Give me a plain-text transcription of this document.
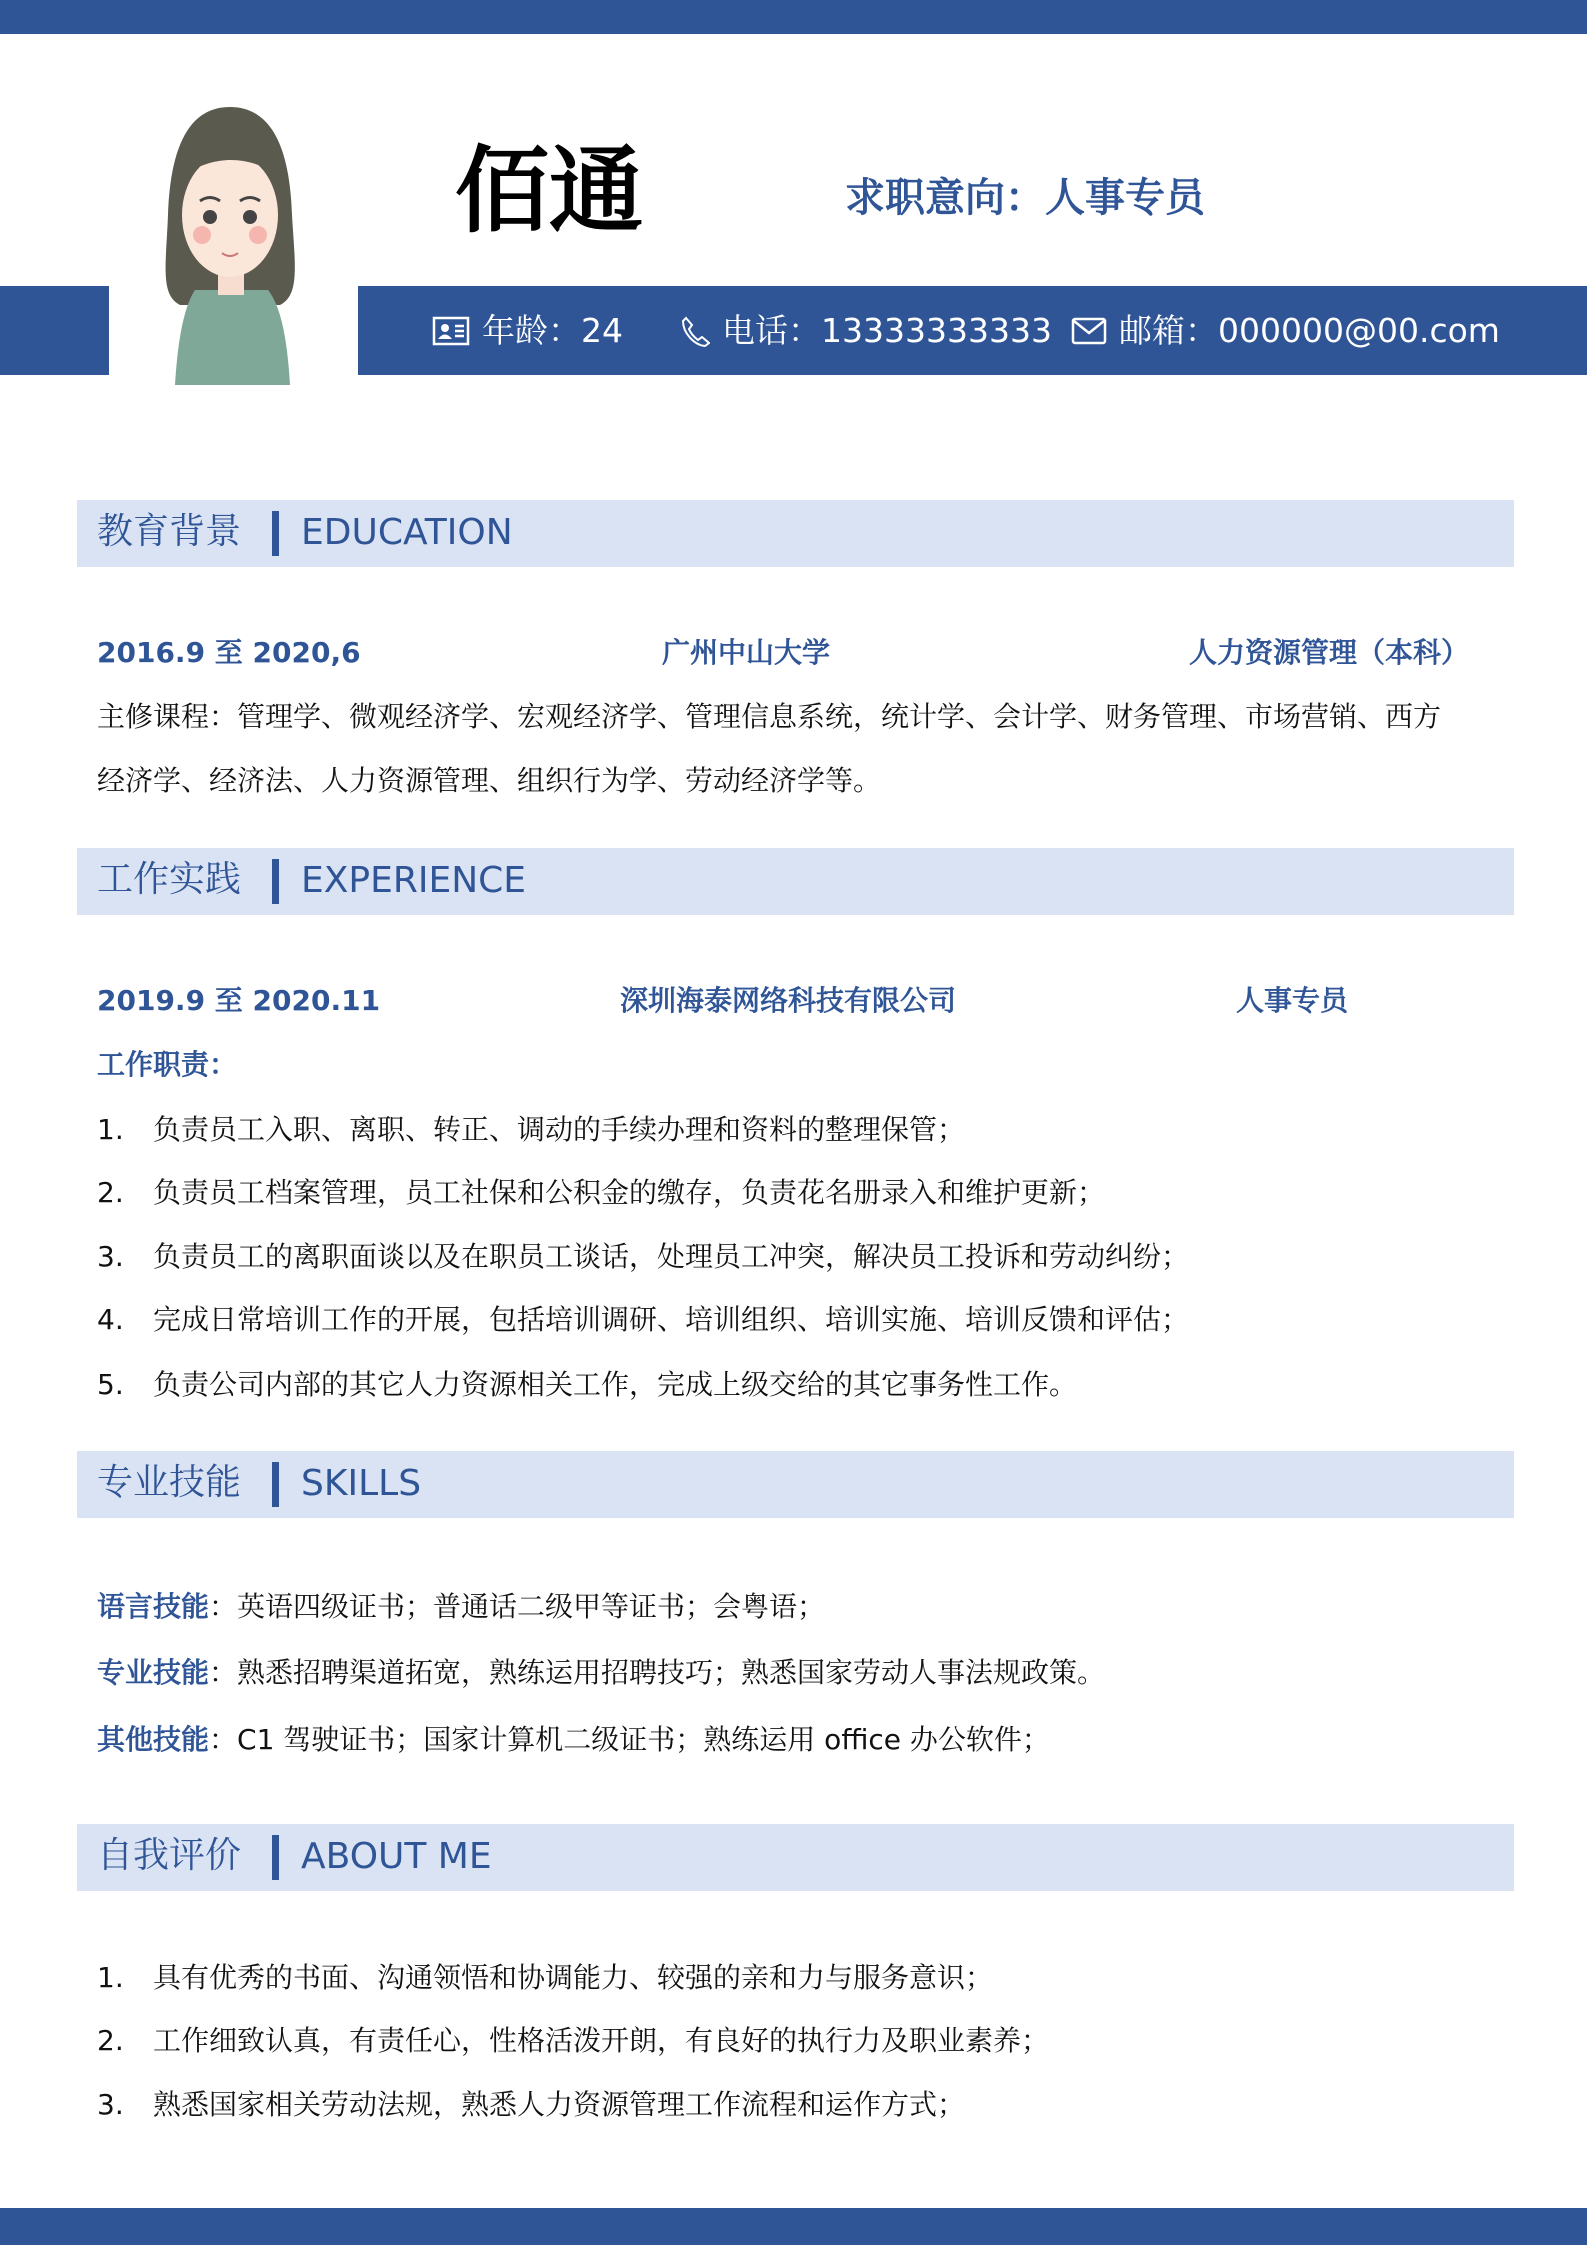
佰通	求职意向：人事专员
年龄：24	电话：13333333333 邮箱：000000@00.com
教育背景 EDUCATION
2016.9 至 2020,6	广州中山大学	人力资源管理（本科）
主修课程：管理学、微观经济学、宏观经济学、管理信息系统，统计学、会计学、财务管理、市场营销、西方
经济学、经济法、人力资源管理、组织行为学、劳动经济学等。
工作实践 EXPERIENCE
2019.9 至 2020.11	深圳海泰网络科技有限公司	人事专员
工作职责：
1. 负责员工入职、离职、转正、调动的手续办理和资料的整理保管；
2. 负责员工档案管理，员工社保和公积金的缴存，负责花名册录入和维护更新；
3. 负责员工的离职面谈以及在职员工谈话，处理员工冲突，解决员工投诉和劳动纠纷；
4. 完成日常培训工作的开展，包括培训调研、培训组织、培训实施、培训反馈和评估；
5. 负责公司内部的其它人力资源相关工作，完成上级交给的其它事务性工作。
专业技能 SKILLS
语言技能：英语四级证书；普通话二级甲等证书；会粤语；
专业技能：熟悉招聘渠道拓宽，熟练运用招聘技巧；熟悉国家劳动人事法规政策。
其他技能：C1 驾驶证书；国家计算机二级证书；熟练运用 office 办公软件；
自我评价 ABOUT ME
1. 具有优秀的书面、沟通领悟和协调能力、较强的亲和力与服务意识；
2. 工作细致认真，有责任心，性格活泼开朗，有良好的执行力及职业素养；
3. 熟悉国家相关劳动法规，熟悉人力资源管理工作流程和运作方式；
